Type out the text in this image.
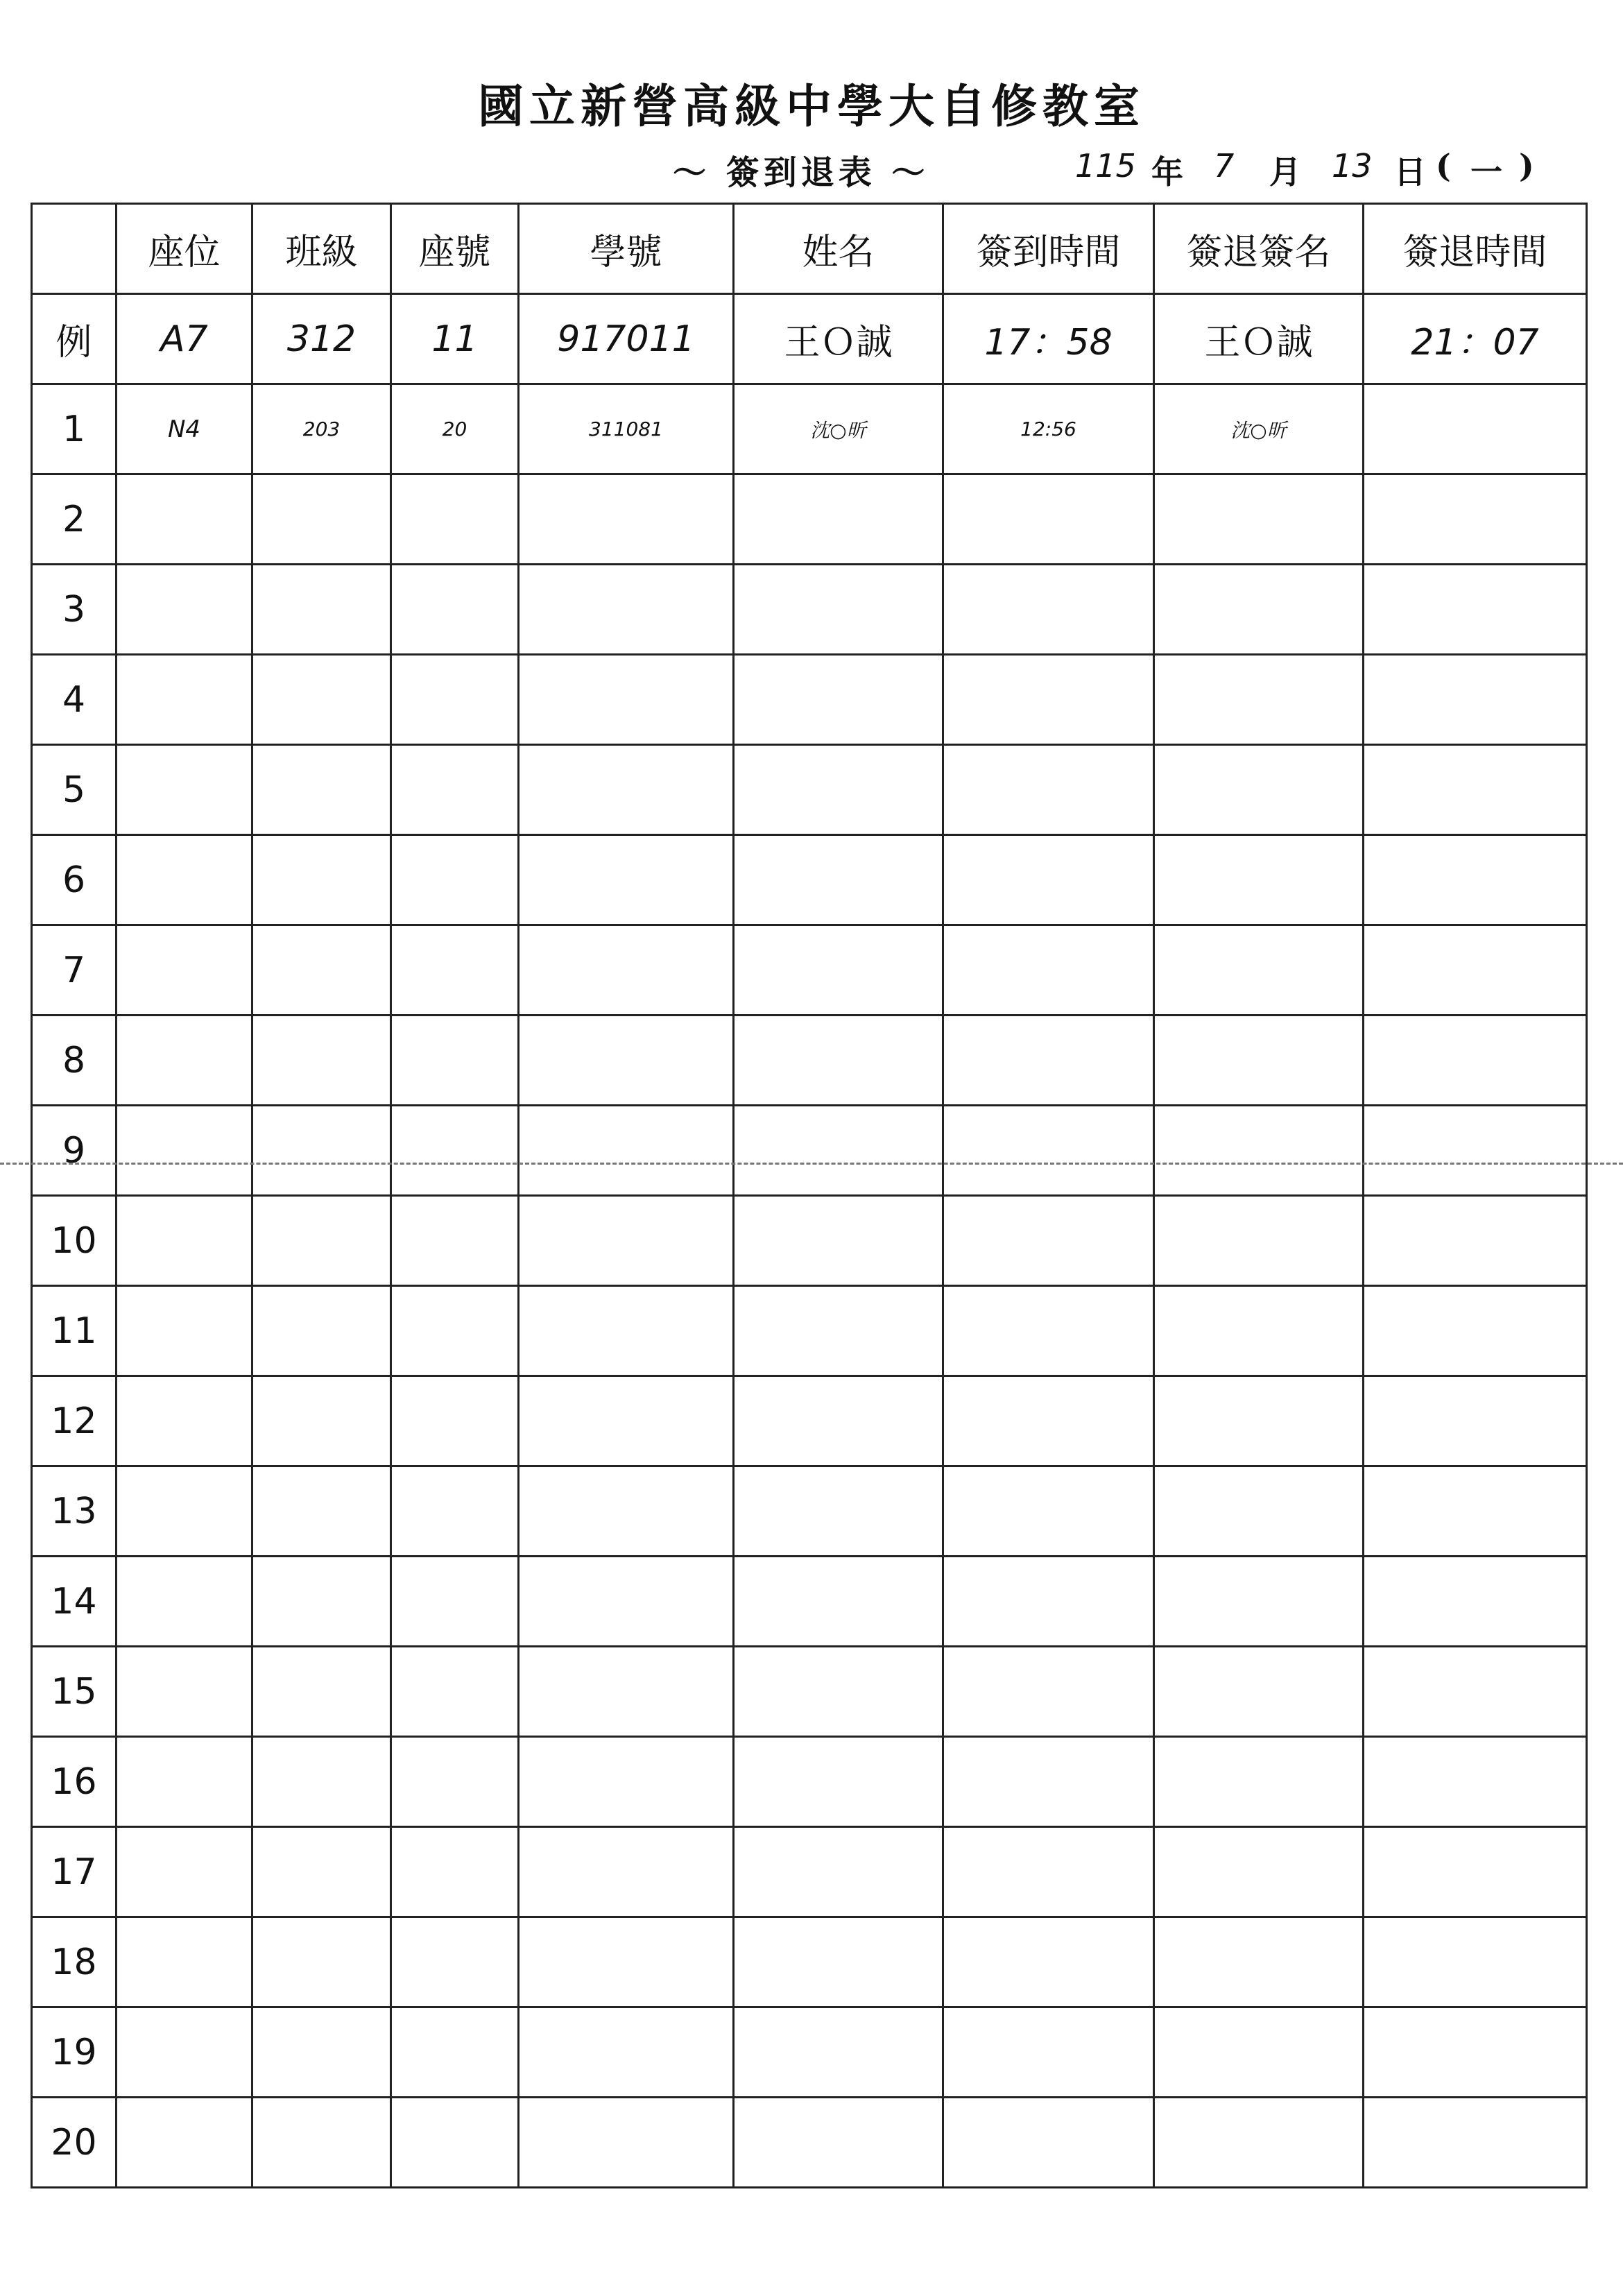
國立新營高級中學大自修教室
～ 簽到退表 ～	115 年 7 月 13 日 ( 一 )
	座位	班級	座號	學號	姓名	簽到時間	簽退簽名	簽退時間
例	A7	312	11	917011	王Ｏ誠	17：58	王Ｏ誠	21：07
1	N4	203	20	311081	沈○昕	12:56	沈○昕	
2								
3								
4								
5								
6								
7								
8								
9								
10								
11								
12								
13								
14								
15								
16								
17								
18								
19								
20								
